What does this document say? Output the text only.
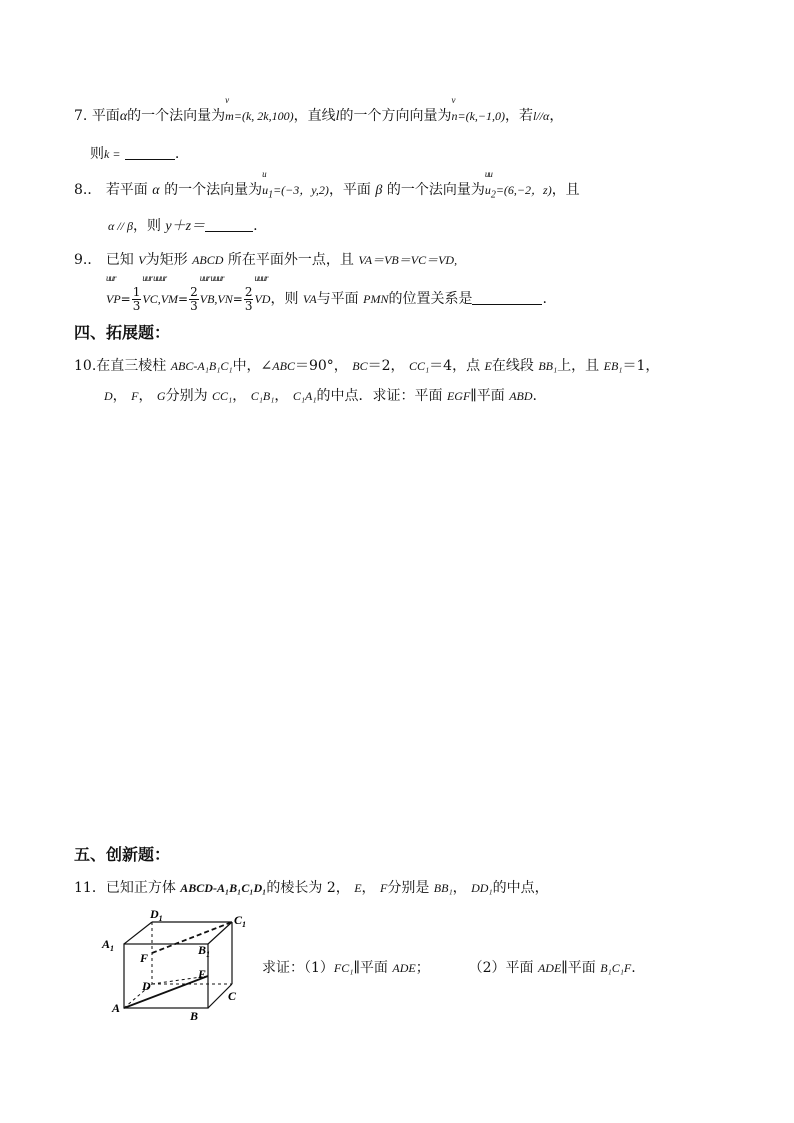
7. 平面α的一个法向量为
v
m=(k, 2k,100)，直线l的一个方向向量为
v
n=(k,−1,0)，若l//α，
则k =	.
8.． 若平面 α 的一个法向量为
u
$u_1=(-3$，y,2)，平面 β 的一个法向量为
uu
$u_2=(6,-2$，z)，且
α // β，则 y＋z＝	.
9.． 已知 V为矩形 ABCD 所在平面外一点，且 VA＝VB＝VC＝VD,
uur
$VP= \frac{1}{3}$
uur uuur
$VC,VM= \frac{2}{3}$
uur uuur
$VB,VN= \frac{2}{3}$
uuur
VD，则 VA与平面 PMN的位置关系是	.
四、拓展题：
10.在直三棱柱 ABC-A₁B₁C₁中，∠ABC＝90°， BC＝2， CC₁＝4，点 E在线段 BB₁上，且 EB₁＝1，
D， F， G分别为 CC₁， C₁B₁， C₁A₁的中点．求证：平面 EGF∥平面 ABD.
五、创新题：
11．已知正方体 ABCD-A₁B₁C₁D₁的棱长为 2， E， F分别是 BB₁， DD₁的中点，
$A_1$
$D_1$	$C_1$
$B_1$
F
E
D
A
B
C
求证：（1）FC₁∥平面 ADE；	（2）平面 ADE∥平面 B₁C₁F.
